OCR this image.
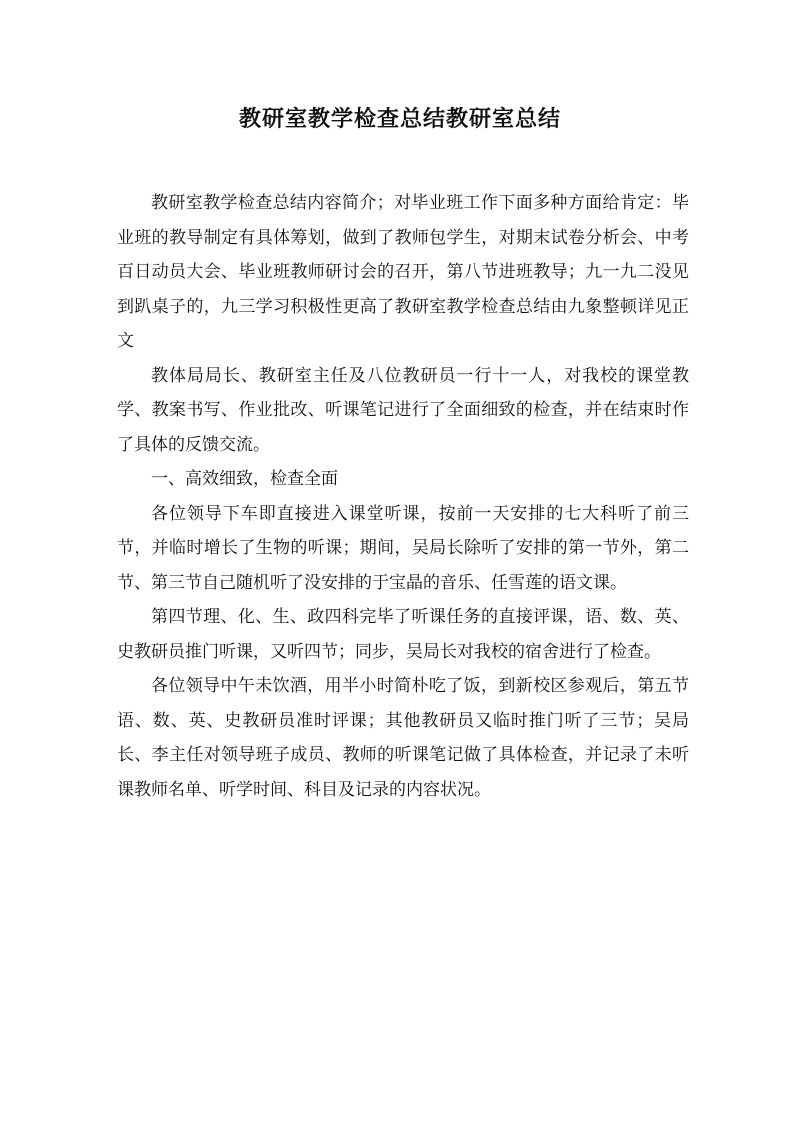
教研室教学检查总结教研室总结

教研室教学检查总结内容简介；对毕业班工作下面多种方面给肯定：毕业班的教导制定有具体筹划，做到了教师包学生，对期末试卷分析会、中考百日动员大会、毕业班教师研讨会的召开，第八节进班教导；九一九二没见到趴桌子的，九三学习积极性更高了教研室教学检查总结由九象整顿详见正文

教体局局长、教研室主任及八位教研员一行十一人，对我校的课堂教学、教案书写、作业批改、听课笔记进行了全面细致的检查，并在结束时作了具体的反馈交流。

一、高效细致，检查全面

各位领导下车即直接进入课堂听课，按前一天安排的七大科听了前三节，并临时增长了生物的听课；期间，吴局长除听了安排的第一节外，第二节、第三节自己随机听了没安排的于宝晶的音乐、任雪莲的语文课。

第四节理、化、生、政四科完毕了听课任务的直接评课，语、数、英、史教研员推门听课，又听四节；同步，吴局长对我校的宿舍进行了检查。

各位领导中午未饮酒，用半小时简朴吃了饭，到新校区参观后，第五节语、数、英、史教研员准时评课；其他教研员又临时推门听了三节；吴局长、李主任对领导班子成员、教师的听课笔记做了具体检查，并记录了未听课教师名单、听学时间、科目及记录的内容状况。
